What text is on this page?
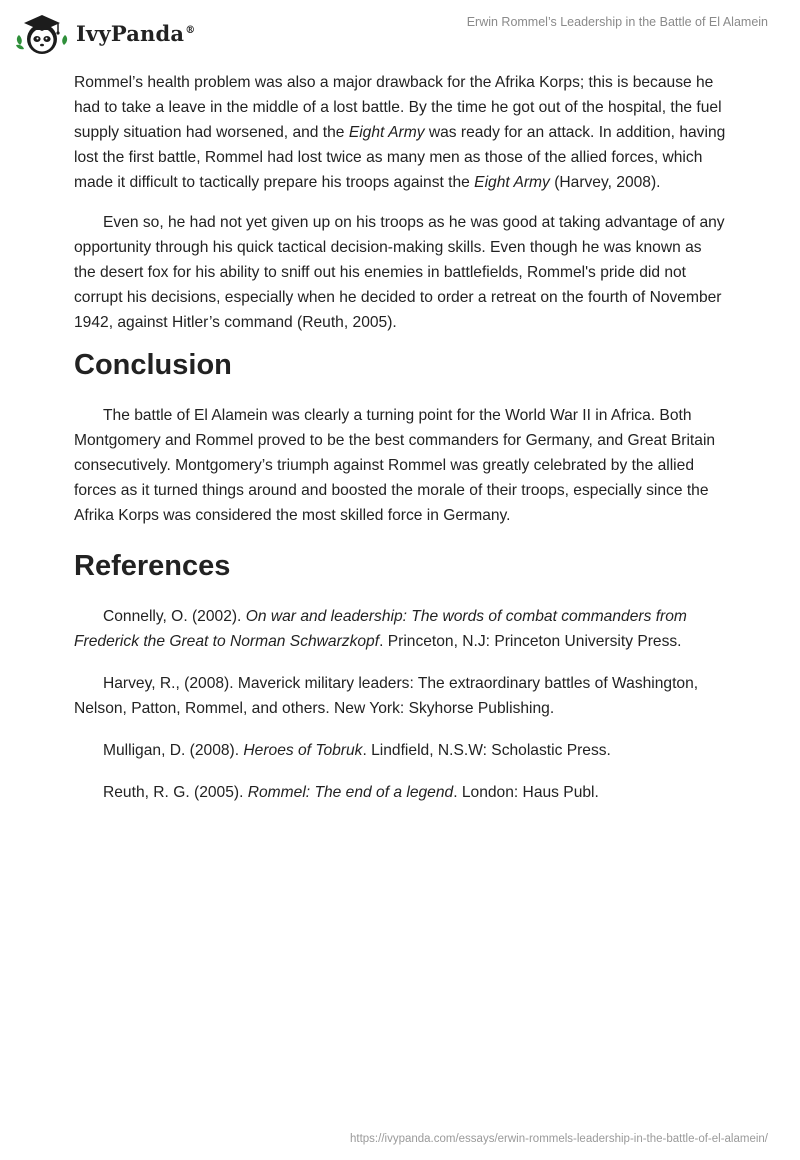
IvyPanda®
Erwin Rommel’s Leadership in the Battle of El Alamein

Rommel’s health problem was also a major drawback for the Afrika Korps; this is because he had to take a leave in the middle of a lost battle. By the time he got out of the hospital, the fuel supply situation had worsened, and the Eight Army was ready for an attack. In addition, having lost the first battle, Rommel had lost twice as many men as those of the allied forces, which made it difficult to tactically prepare his troops against the Eight Army (Harvey, 2008).

Even so, he had not yet given up on his troops as he was good at taking advantage of any opportunity through his quick tactical decision-making skills. Even though he was known as the desert fox for his ability to sniff out his enemies in battlefields, Rommel's pride did not corrupt his decisions, especially when he decided to order a retreat on the fourth of November 1942, against Hitler’s command (Reuth, 2005).

Conclusion

The battle of El Alamein was clearly a turning point for the World War II in Africa. Both Montgomery and Rommel proved to be the best commanders for Germany, and Great Britain consecutively. Montgomery’s triumph against Rommel was greatly celebrated by the allied forces as it turned things around and boosted the morale of their troops, especially since the Afrika Korps was considered the most skilled force in Germany.

References

Connelly, O. (2002). On war and leadership: The words of combat commanders from Frederick the Great to Norman Schwarzkopf. Princeton, N.J: Princeton University Press.

Harvey, R., (2008). Maverick military leaders: The extraordinary battles of Washington, Nelson, Patton, Rommel, and others. New York: Skyhorse Publishing.

Mulligan, D. (2008). Heroes of Tobruk. Lindfield, N.S.W: Scholastic Press.

Reuth, R. G. (2005). Rommel: The end of a legend. London: Haus Publ.

https://ivypanda.com/essays/erwin-rommels-leadership-in-the-battle-of-el-alamein/
